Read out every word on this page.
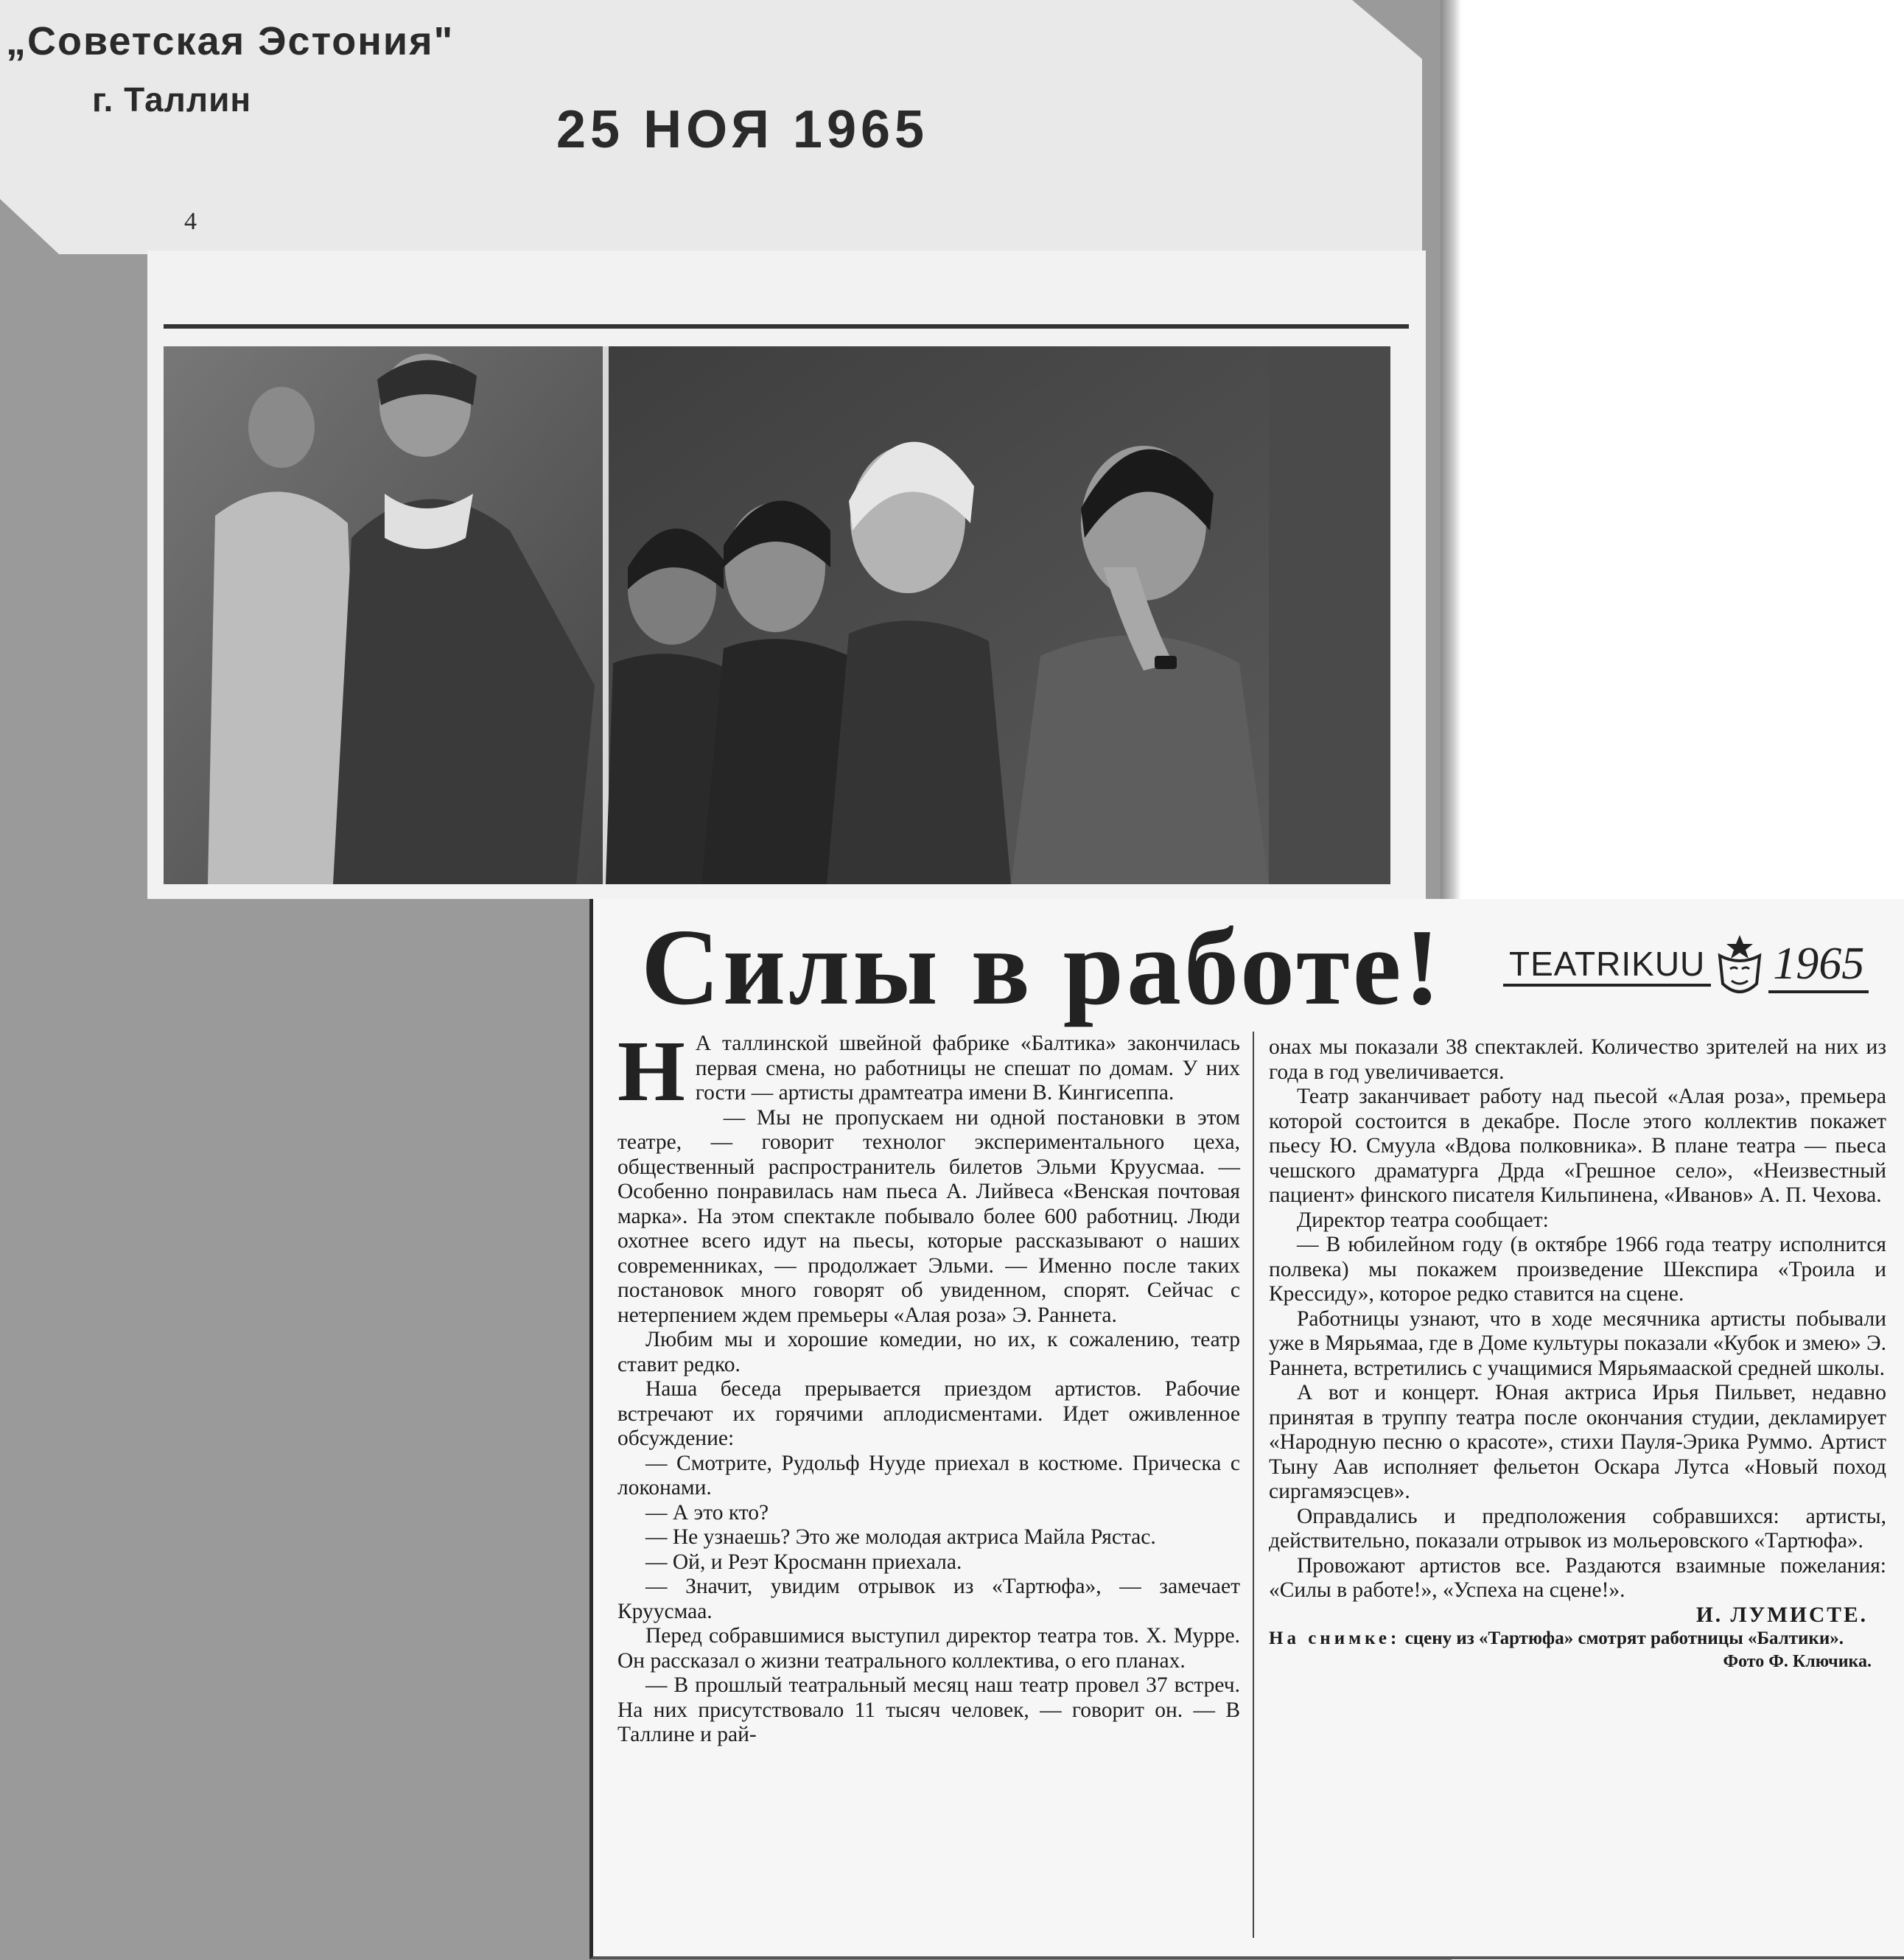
„Советская Эстония"
г. Таллин
25 НОЯ 1965
4

Силы в работе! TEATRIKUU 1965

Н А таллинской швейной фабрике «Балтика» закончилась первая смена, но работницы не спешат по домам. У них гости — артисты драмтеатра имени В. Кингисеппа.

— Мы не пропускаем ни одной постановки в этом театре, — говорит технолог экспериментального цеха, общественный распространитель билетов Эльми Круусмаа. — Особенно понравилась нам пьеса А. Лийвеса «Венская почтовая марка». На этом спектакле побывало более 600 работниц. Люди охотнее всего идут на пьесы, которые рассказывают о наших современниках, — продолжает Эльми. — Именно после таких постановок много говорят об увиденном, спорят. Сейчас с нетерпением ждем премьеры «Алая роза» Э. Раннета.

Любим мы и хорошие комедии, но их, к сожалению, театр ставит редко.

Наша беседа прерывается приездом артистов. Рабочие встречают их горячими аплодисментами. Идет оживленное обсуждение:

— Смотрите, Рудольф Нууде приехал в костюме. Прическа с локонами.

— А это кто?

— Не узнаешь? Это же молодая актриса Майла Рястас.

— Ой, и Реэт Кросманн приехала.

— Значит, увидим отрывок из «Тартюфа», — замечает Круусмаа.

Перед собравшимися выступил директор театра тов. Х. Мурре. Он рассказал о жизни театрального коллектива, о его планах.

— В прошлый театральный месяц наш театр провел 37 встреч. На них присутствовало 11 тысяч человек, — говорит он. — В Таллине и рай-

онах мы показали 38 спектаклей. Количество зрителей на них из года в год увеличивается.

Театр заканчивает работу над пьесой «Алая роза», премьера которой состоится в декабре. После этого коллектив покажет пьесу Ю. Смуула «Вдова полковника». В плане театра — пьеса чешского драматурга Дрда «Грешное село», «Неизвестный пациент» финского писателя Кильпинена, «Иванов» А. П. Чехова.

Директор театра сообщает:

— В юбилейном году (в октябре 1966 года театру исполнится полвека) мы покажем произведение Шекспира «Троила и Крессиду», которое редко ставится на сцене.

Работницы узнают, что в ходе месячника артисты побывали уже в Мярьямаа, где в Доме культуры показали «Кубок и змею» Э. Раннета, встретились с учащимися Мярьямааской средней школы.

А вот и концерт. Юная актриса Ирья Пильвет, недавно принятая в труппу театра после окончания студии, декламирует «Народную песню о красоте», стихи Пауля-Эрика Руммо. Артист Тыну Аав исполняет фельетон Оскара Лутса «Новый поход сиргамяэсцев».

Оправдались и предположения собравшихся: артисты, действительно, показали отрывок из мольеровского «Тартюфа».

Провожают артистов все. Раздаются взаимные пожелания: «Силы в работе!», «Успеха на сцене!».

И. ЛУМИСТЕ.

На снимке: сцену из «Тартюфа» смотрят работницы «Балтики».

Фото Ф. Ключика.
